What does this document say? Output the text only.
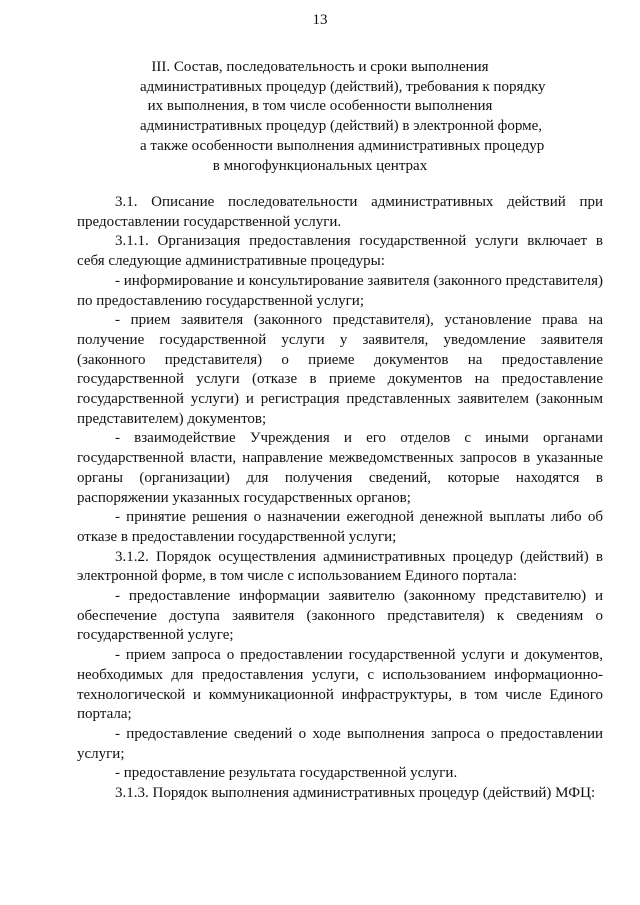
13
III. Состав, последовательность и сроки выполнения
административных процедур (действий), требования к порядку
их выполнения, в том числе особенности выполнения
административных процедур (действий) в электронной форме,
а также особенности выполнения административных процедур
в многофункциональных центрах

3.1. Описание последовательности административных действий при предоставлении государственной услуги.

3.1.1. Организация предоставления государственной услуги включает в себя следующие административные процедуры:

- информирование и консультирование заявителя (законного представителя) по предоставлению государственной услуги;

- прием заявителя (законного представителя), установление права на получение государственной услуги у заявителя, уведомление заявителя (законного представителя) о приеме документов на предоставление государственной услуги (отказе в приеме документов на предоставление государственной услуги) и регистрация представленных заявителем (законным представителем) документов;

- взаимодействие Учреждения и его отделов с иными органами государственной власти, направление межведомственных запросов в указанные органы (организации) для получения сведений, которые находятся в распоряжении указанных государственных органов;

- принятие решения о назначении ежегодной денежной выплаты либо об отказе в предоставлении государственной услуги;

3.1.2. Порядок осуществления административных процедур (действий) в электронной форме, в том числе с использованием Единого портала:

- предоставление информации заявителю (законному представителю) и обеспечение доступа заявителя (законного представителя) к сведениям о государственной услуге;

- прием запроса о предоставлении государственной услуги и документов, необходимых для предоставления услуги, с использованием информационно-технологической и коммуникационной инфраструктуры, в том числе Единого портала;

- предоставление сведений о ходе выполнения запроса о предоставлении услуги;

- предоставление результата государственной услуги.

3.1.3. Порядок выполнения административных процедур (действий) МФЦ:
